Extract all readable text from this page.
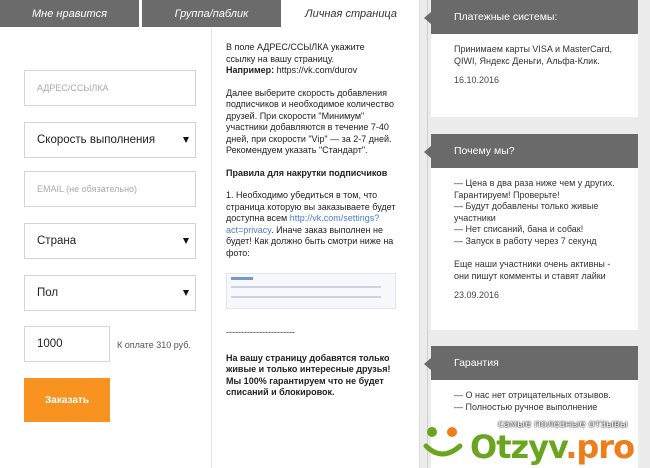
Мне нравится	Группа/паблик	Личная страница
АДРЕС/ССЫЛКА
Скорость выполнения
EMAIL (не обязательно)
Страна
Пол
1000	К оплате 310 руб.
Заказать

В поле АДРЕС/ССЫЛКА укажите ссылку на вашу страницу.
Например: https://vk.com/durov

Далее выберите скорость добавления подписчиков и необходимое количество друзей. При скорости "Минимум" участники добавляются в течение 7-40 дней, при скорости "Vip" — за 2-7 дней. Рекомендуем указать "Стандарт".

Правила для накрутки подписчиков

1. Необходимо убедиться в том, что страница которую вы заказываете будет доступна всем http://vk.com/settings?act=privacy. Иначе заказ выполнен не будет! Как должно быть смотри ниже на фото:

-----------------------

На вашу страницу добавятся только живые и только интересные друзья! Мы 100% гарантируем что не будет списаний и блокировок.

Платежные системы:
Принимаем карты VISA и MasterCard, QIWI, Яндекс Деньги, Альфа-Клик.
16.10.2016
Почему мы?
— Цена в два раза ниже чем у других. Гарантируем! Проверьте!
— Будут добавлены только живые участники
— Нет списаний, бана и собак!
— Запуск в работу через 7 секунд
Еще наши участники очень активны - они пишут комменты и ставят лайки
23.09.2016
Гарантия
— О нас нет отрицательных отзывов.
— Полностью ручное выполнение
самые полезные отзывы
Otzyv.pro
